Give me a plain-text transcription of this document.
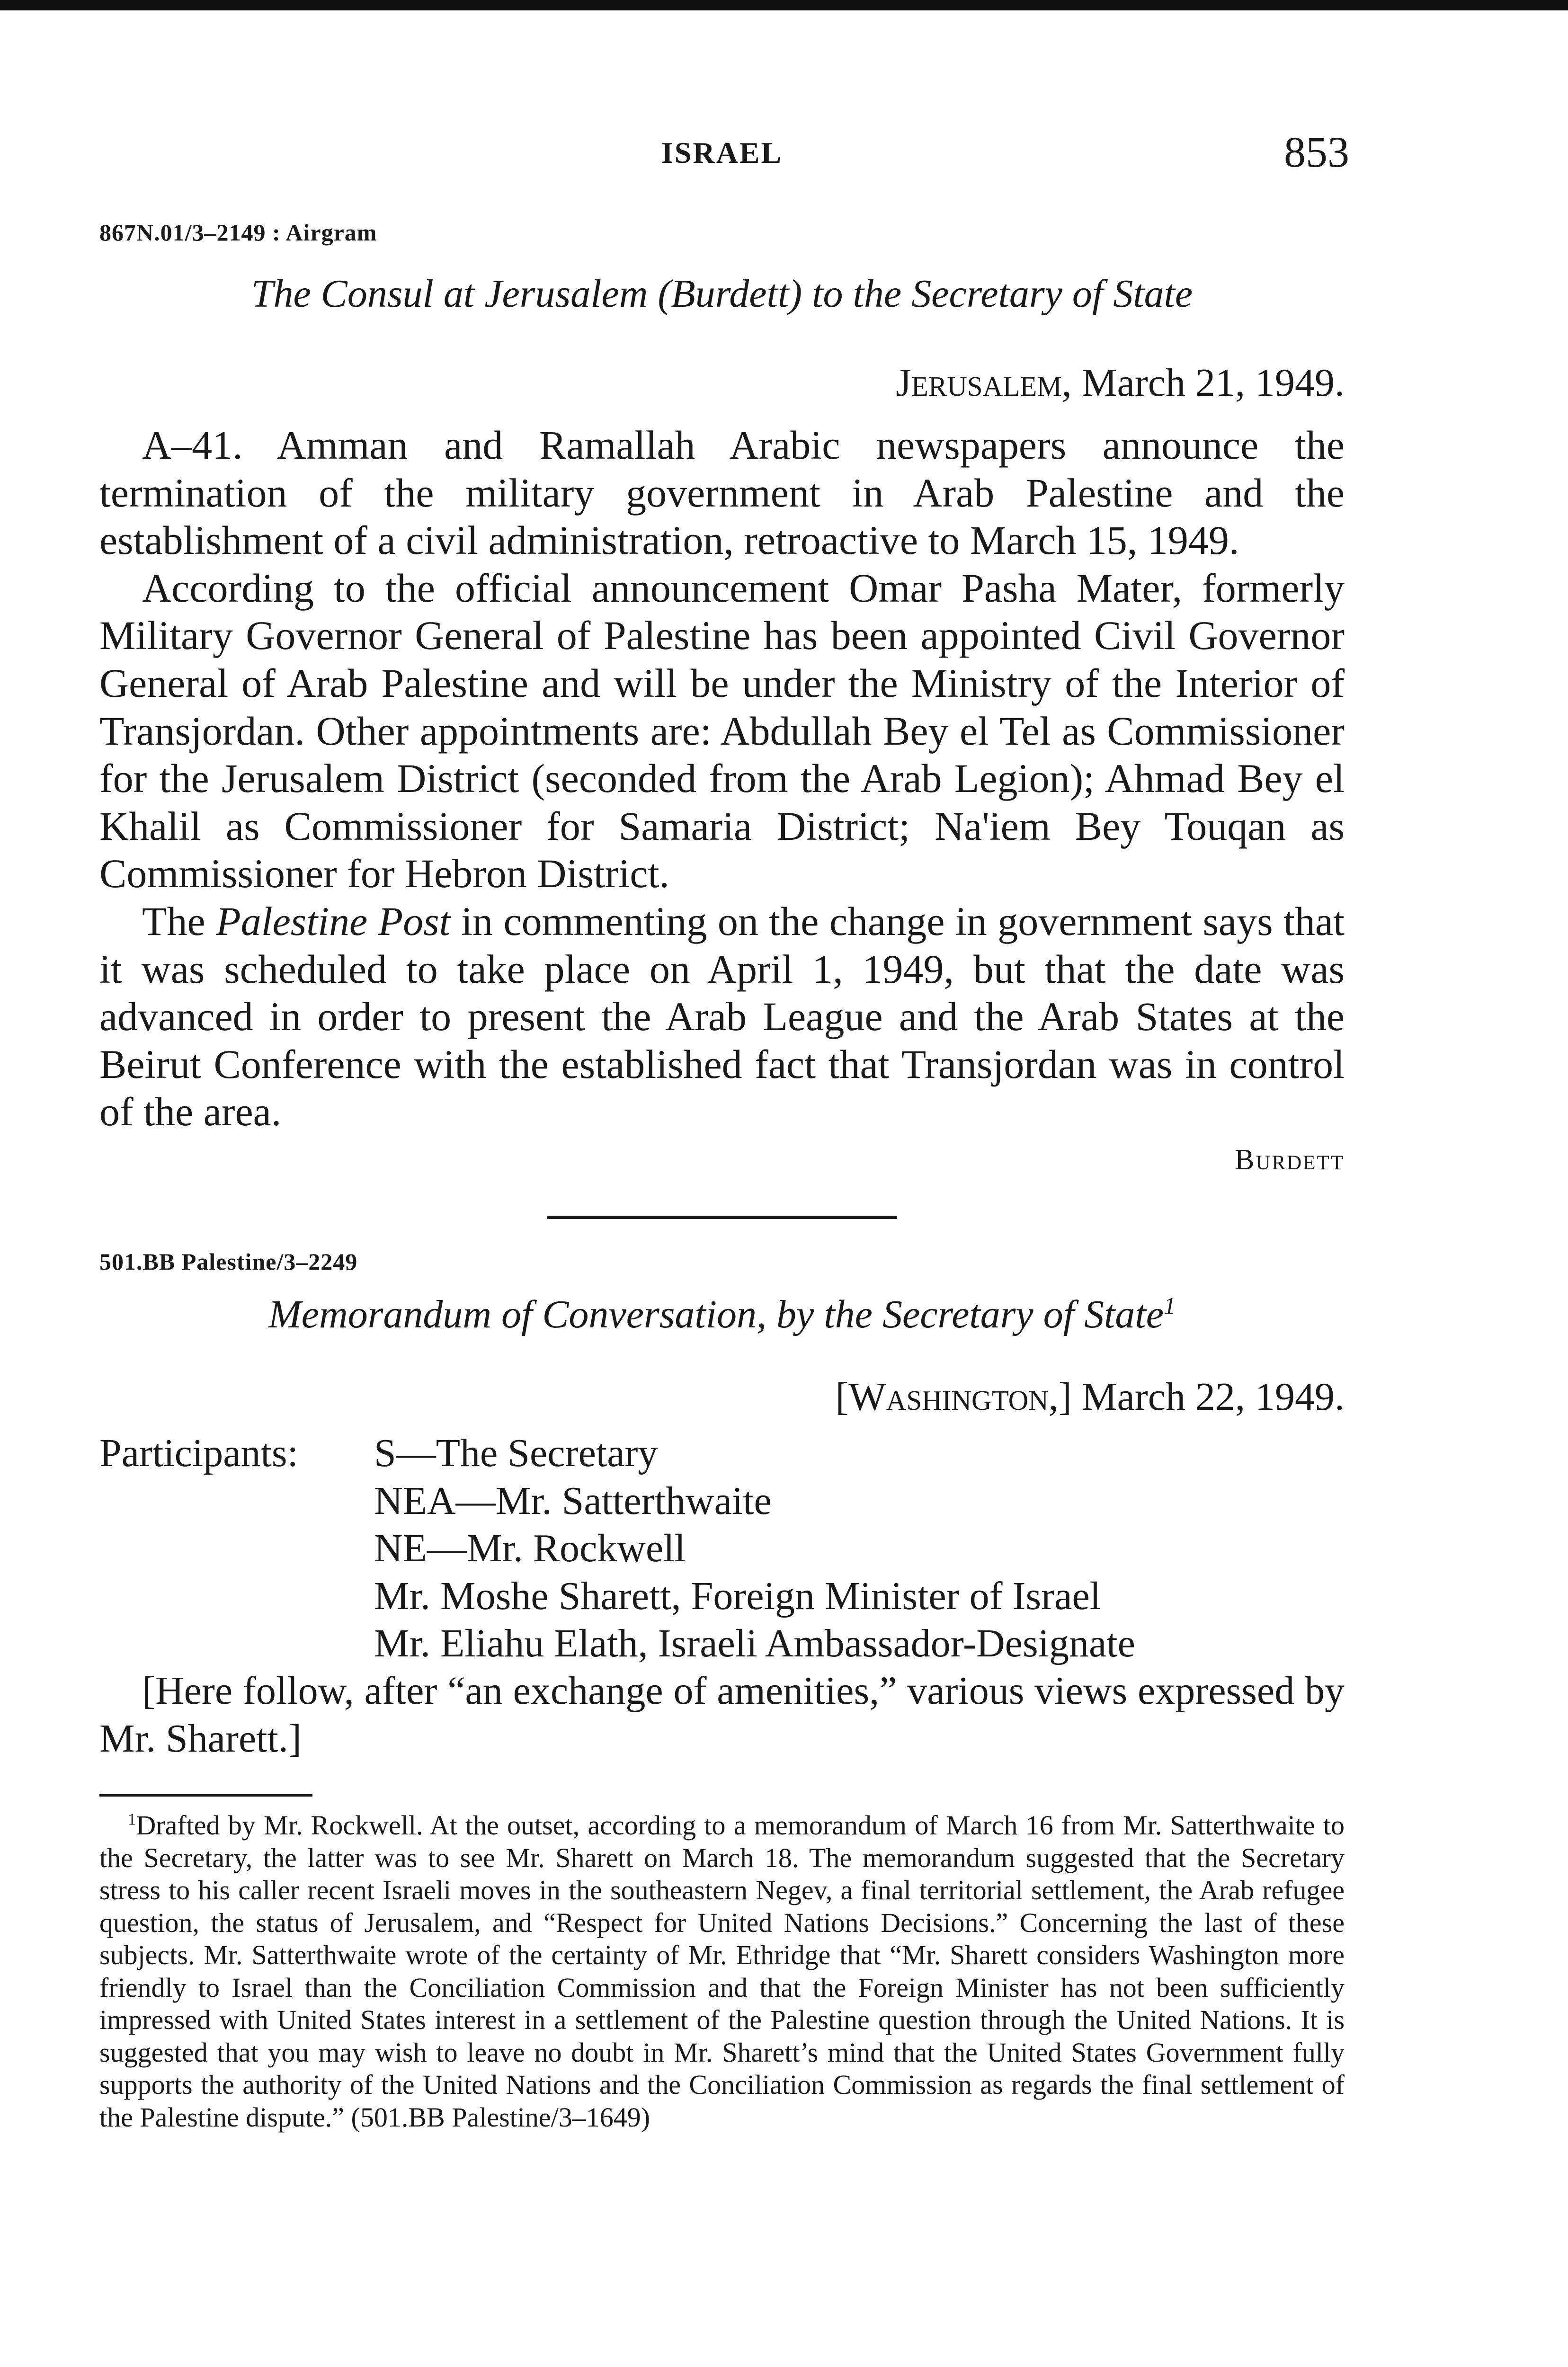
ISRAEL	853
867N.01/3–2149 : Airgram
The Consul at Jerusalem (Burdett) to the Secretary of State
Jerusalem, March 21, 1949.

A–41. Amman and Ramallah Arabic newspapers announce the termination of the military government in Arab Palestine and the establishment of a civil administration, retroactive to March 15, 1949.

According to the official announcement Omar Pasha Mater, formerly Military Governor General of Palestine has been appointed Civil Governor General of Arab Palestine and will be under the Ministry of the Interior of Transjordan. Other appointments are: Abdullah Bey el Tel as Commissioner for the Jerusalem District (seconded from the Arab Legion); Ahmad Bey el Khalil as Commissioner for Samaria District; Na'iem Bey Touqan as Commissioner for Hebron District.

The Palestine Post in commenting on the change in government says that it was scheduled to take place on April 1, 1949, but that the date was advanced in order to present the Arab League and the Arab States at the Beirut Conference with the established fact that Transjordan was in control of the area.

Burdett
501.BB Palestine/3–2249
Memorandum of Conversation, by the Secretary of State$^1$
[Washington,] March 22, 1949.
Participants: S—The Secretary
NEA—Mr. Satterthwaite
NE—Mr. Rockwell
Mr. Moshe Sharett, Foreign Minister of Israel
Mr. Eliahu Elath, Israeli Ambassador-Designate

[Here follow, after “an exchange of amenities,” various views expressed by Mr. Sharett.]

$^1$Drafted by Mr. Rockwell. At the outset, according to a memorandum of March 16 from Mr. Satterthwaite to the Secretary, the latter was to see Mr. Sharett on March 18. The memorandum suggested that the Secretary stress to his caller recent Israeli moves in the southeastern Negev, a final territorial settlement, the Arab refugee question, the status of Jerusalem, and “Respect for United Nations Decisions.” Concerning the last of these subjects. Mr. Satterthwaite wrote of the certainty of Mr. Ethridge that “Mr. Sharett considers Washington more friendly to Israel than the Conciliation Commission and that the Foreign Minister has not been sufficiently impressed with United States interest in a settlement of the Palestine question through the United Nations. It is suggested that you may wish to leave no doubt in Mr. Sharett’s mind that the United States Government fully supports the authority of the United Nations and the Conciliation Commission as regards the final settlement of the Palestine dispute.” (501.BB Palestine/3–1649)
